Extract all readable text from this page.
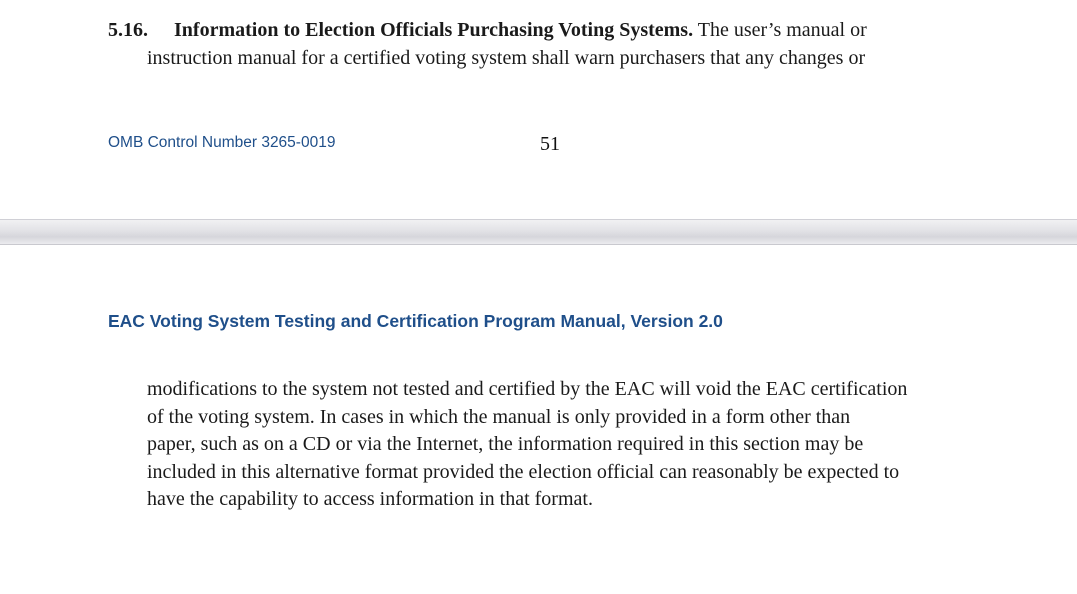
5.16. Information to Election Officials Purchasing Voting Systems. The user’s manual or

instruction manual for a certified voting system shall warn purchasers that any changes or
OMB Control Number 3265-0019	51
EAC Voting System Testing and Certification Program Manual, Version 2.0
modifications to the system not tested and certified by the EAC will void the EAC certification
of the voting system. In cases in which the manual is only provided in a form other than
paper, such as on a CD or via the Internet, the information required in this section may be
included in this alternative format provided the election official can reasonably be expected to
have the capability to access information in that format.
